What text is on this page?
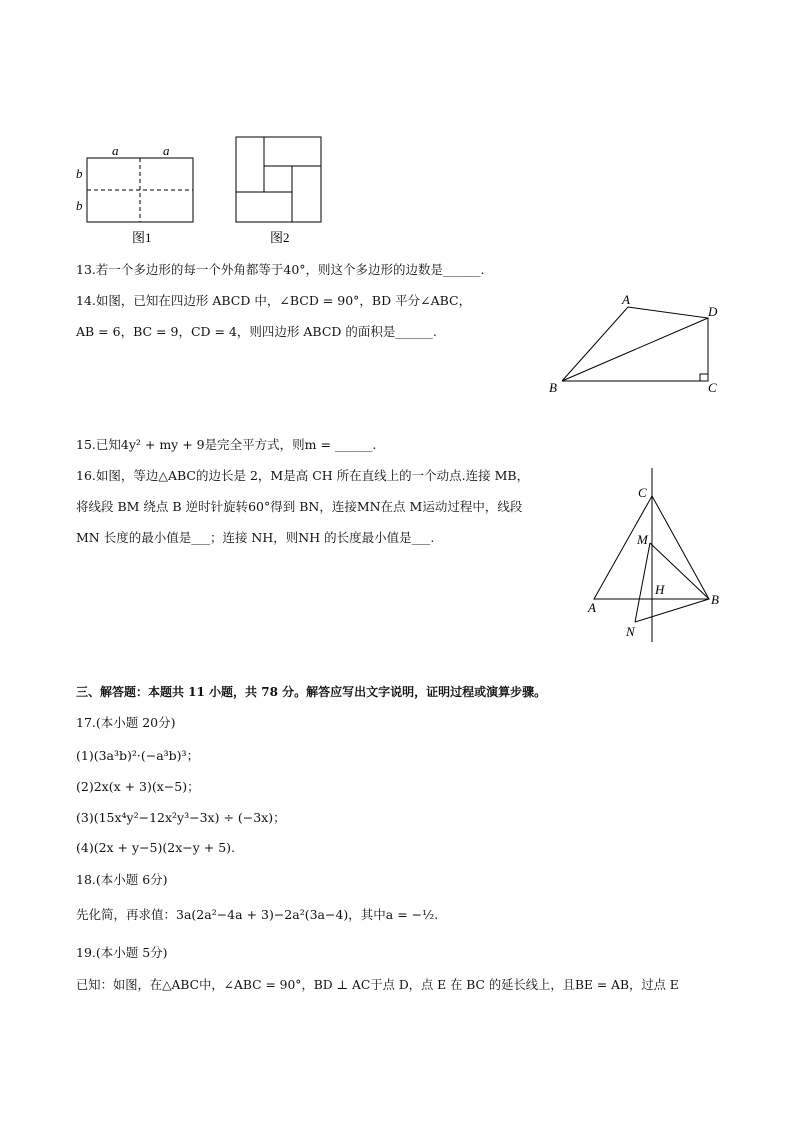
a	a
b
b
图1	图2
13.若一个多边形的每一个外角都等于40°，则这个多边形的边数是______.
14.如图，已知在四边形 ABCD 中，∠BCD = 90°，BD 平分∠ABC，
AB = 6，BC = 9，CD = 4，则四边形 ABCD 的面积是______.
A
D
B	C
15.已知4y² + my + 9是完全平方式，则m = ______.
16.如图，等边△ABC的边长是 2，M是高 CH 所在直线上的一个动点.连接 MB，
将线段 BM 绕点 B 逆时针旋转60°得到 BN，连接MN在点 M运动过程中，线段
MN 长度的最小值是___；连接 NH，则NH 的长度最小值是___.
C
M
H
A
B
N
三、解答题：本题共 11 小题，共 78 分。解答应写出文字说明，证明过程或演算步骤。
17.(本小题 20分)
(1)(3a³b)²·(−a³b)³；
(2)2x(x + 3)(x−5)；
(3)(15x⁴y²−12x²y³−3x) ÷ (−3x)；
(4)(2x + y−5)(2x−y + 5).
18.(本小题 6分)
先化简，再求值：3a(2a²−4a + 3)−2a²(3a−4)，其中a = −½.
19.(本小题 5分)
已知：如图，在△ABC中，∠ABC = 90°，BD ⊥ AC于点 D，点 E 在 BC 的延长线上，且BE = AB，过点 E
